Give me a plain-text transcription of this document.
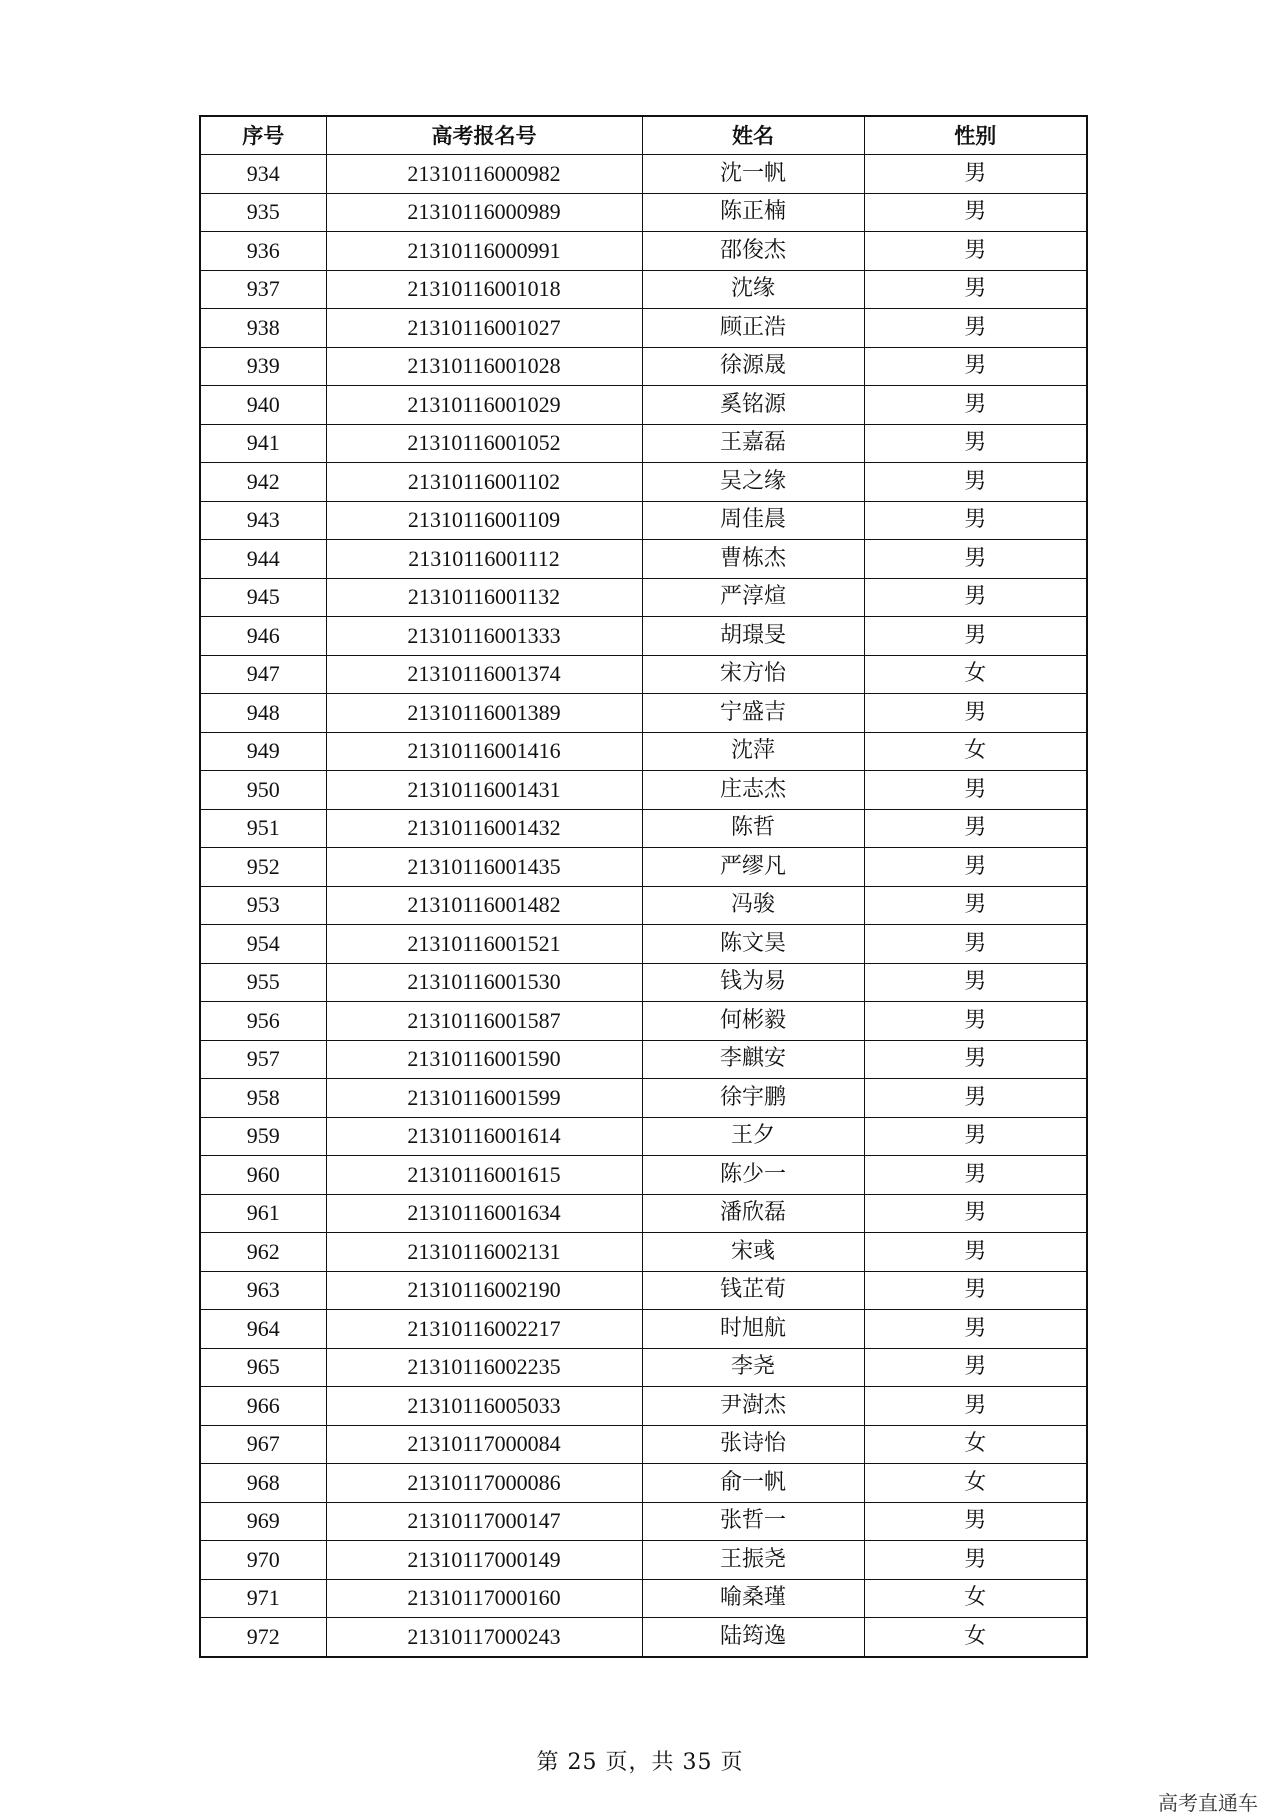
序号	高考报名号	姓名	性别
934	21310116000982	沈一帆	男
935	21310116000989	陈正楠	男
936	21310116000991	邵俊杰	男
937	21310116001018	沈缘	男
938	21310116001027	顾正浩	男
939	21310116001028	徐源晟	男
940	21310116001029	奚铭源	男
941	21310116001052	王嘉磊	男
942	21310116001102	吴之缘	男
943	21310116001109	周佳晨	男
944	21310116001112	曹栋杰	男
945	21310116001132	严淳煊	男
946	21310116001333	胡璟旻	男
947	21310116001374	宋方怡	女
948	21310116001389	宁盛吉	男
949	21310116001416	沈萍	女
950	21310116001431	庄志杰	男
951	21310116001432	陈哲	男
952	21310116001435	严缪凡	男
953	21310116001482	冯骏	男
954	21310116001521	陈文昊	男
955	21310116001530	钱为易	男
956	21310116001587	何彬毅	男
957	21310116001590	李麒安	男
958	21310116001599	徐宇鹏	男
959	21310116001614	王夕	男
960	21310116001615	陈少一	男
961	21310116001634	潘欣磊	男
962	21310116002131	宋彧	男
963	21310116002190	钱芷荀	男
964	21310116002217	时旭航	男
965	21310116002235	李尧	男
966	21310116005033	尹澍杰	男
967	21310117000084	张诗怡	女
968	21310117000086	俞一帆	女
969	21310117000147	张哲一	男
970	21310117000149	王振尧	男
971	21310117000160	喻桑瑾	女
972	21310117000243	陆筠逸	女
第 25 页，共 35 页
高考直通车
